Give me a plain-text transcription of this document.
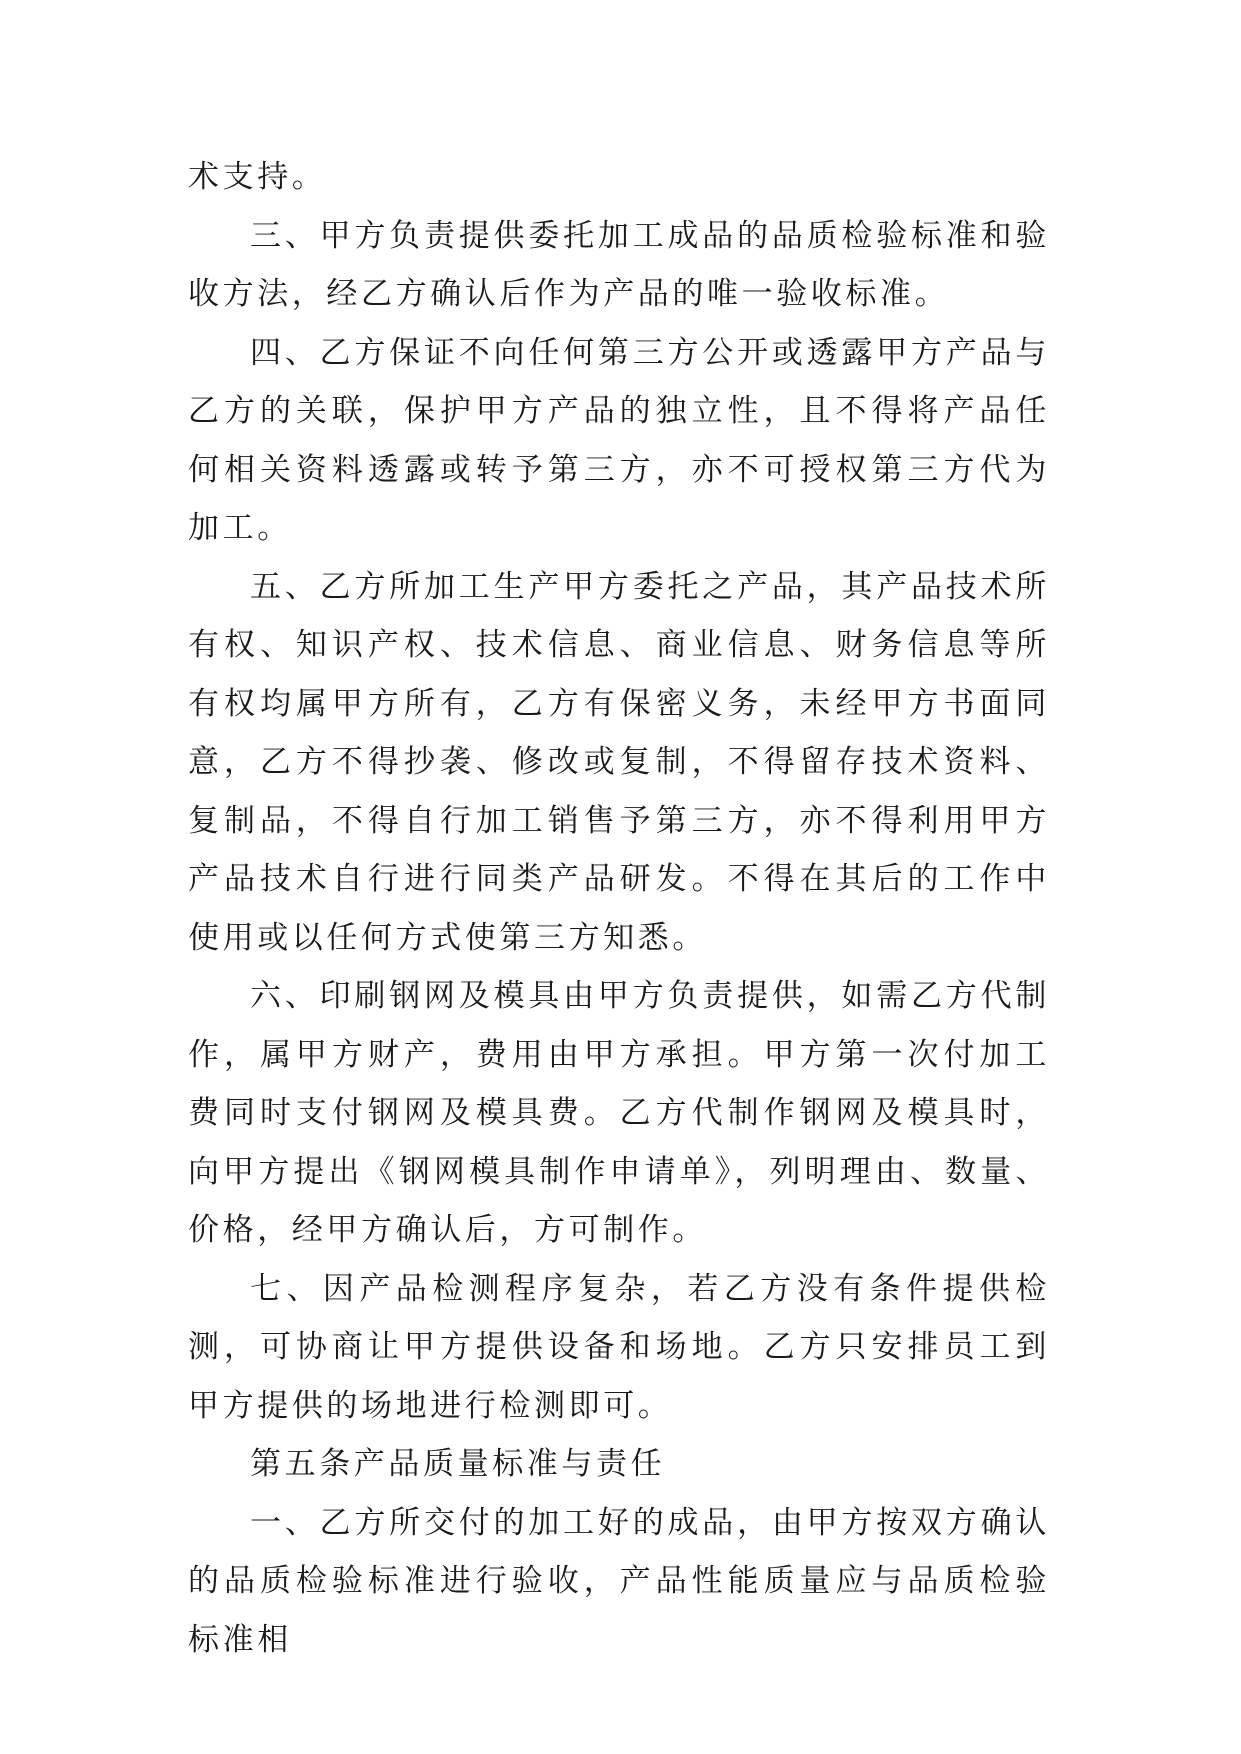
术支持。

三、甲方负责提供委托加工成品的品质检验标准和验收方法，经乙方确认后作为产品的唯一验收标准。

四、乙方保证不向任何第三方公开或透露甲方产品与乙方的关联，保护甲方产品的独立性，且不得将产品任何相关资料透露或转予第三方，亦不可授权第三方代为加工。

五、乙方所加工生产甲方委托之产品，其产品技术所有权、知识产权、技术信息、商业信息、财务信息等所有权均属甲方所有，乙方有保密义务，未经甲方书面同意，乙方不得抄袭、修改或复制，不得留存技术资料、复制品，不得自行加工销售予第三方，亦不得利用甲方产品技术自行进行同类产品研发。不得在其后的工作中使用或以任何方式使第三方知悉。

六、印刷钢网及模具由甲方负责提供，如需乙方代制作，属甲方财产，费用由甲方承担。甲方第一次付加工费同时支付钢网及模具费。乙方代制作钢网及模具时，向甲方提出《钢网模具制作申请单》，列明理由、数量、价格，经甲方确认后，方可制作。

七、因产品检测程序复杂，若乙方没有条件提供检测，可协商让甲方提供设备和场地。乙方只安排员工到甲方提供的场地进行检测即可。

第五条产品质量标准与责任

一、乙方所交付的加工好的成品，由甲方按双方确认的品质检验标准进行验收，产品性能质量应与品质检验标准相
